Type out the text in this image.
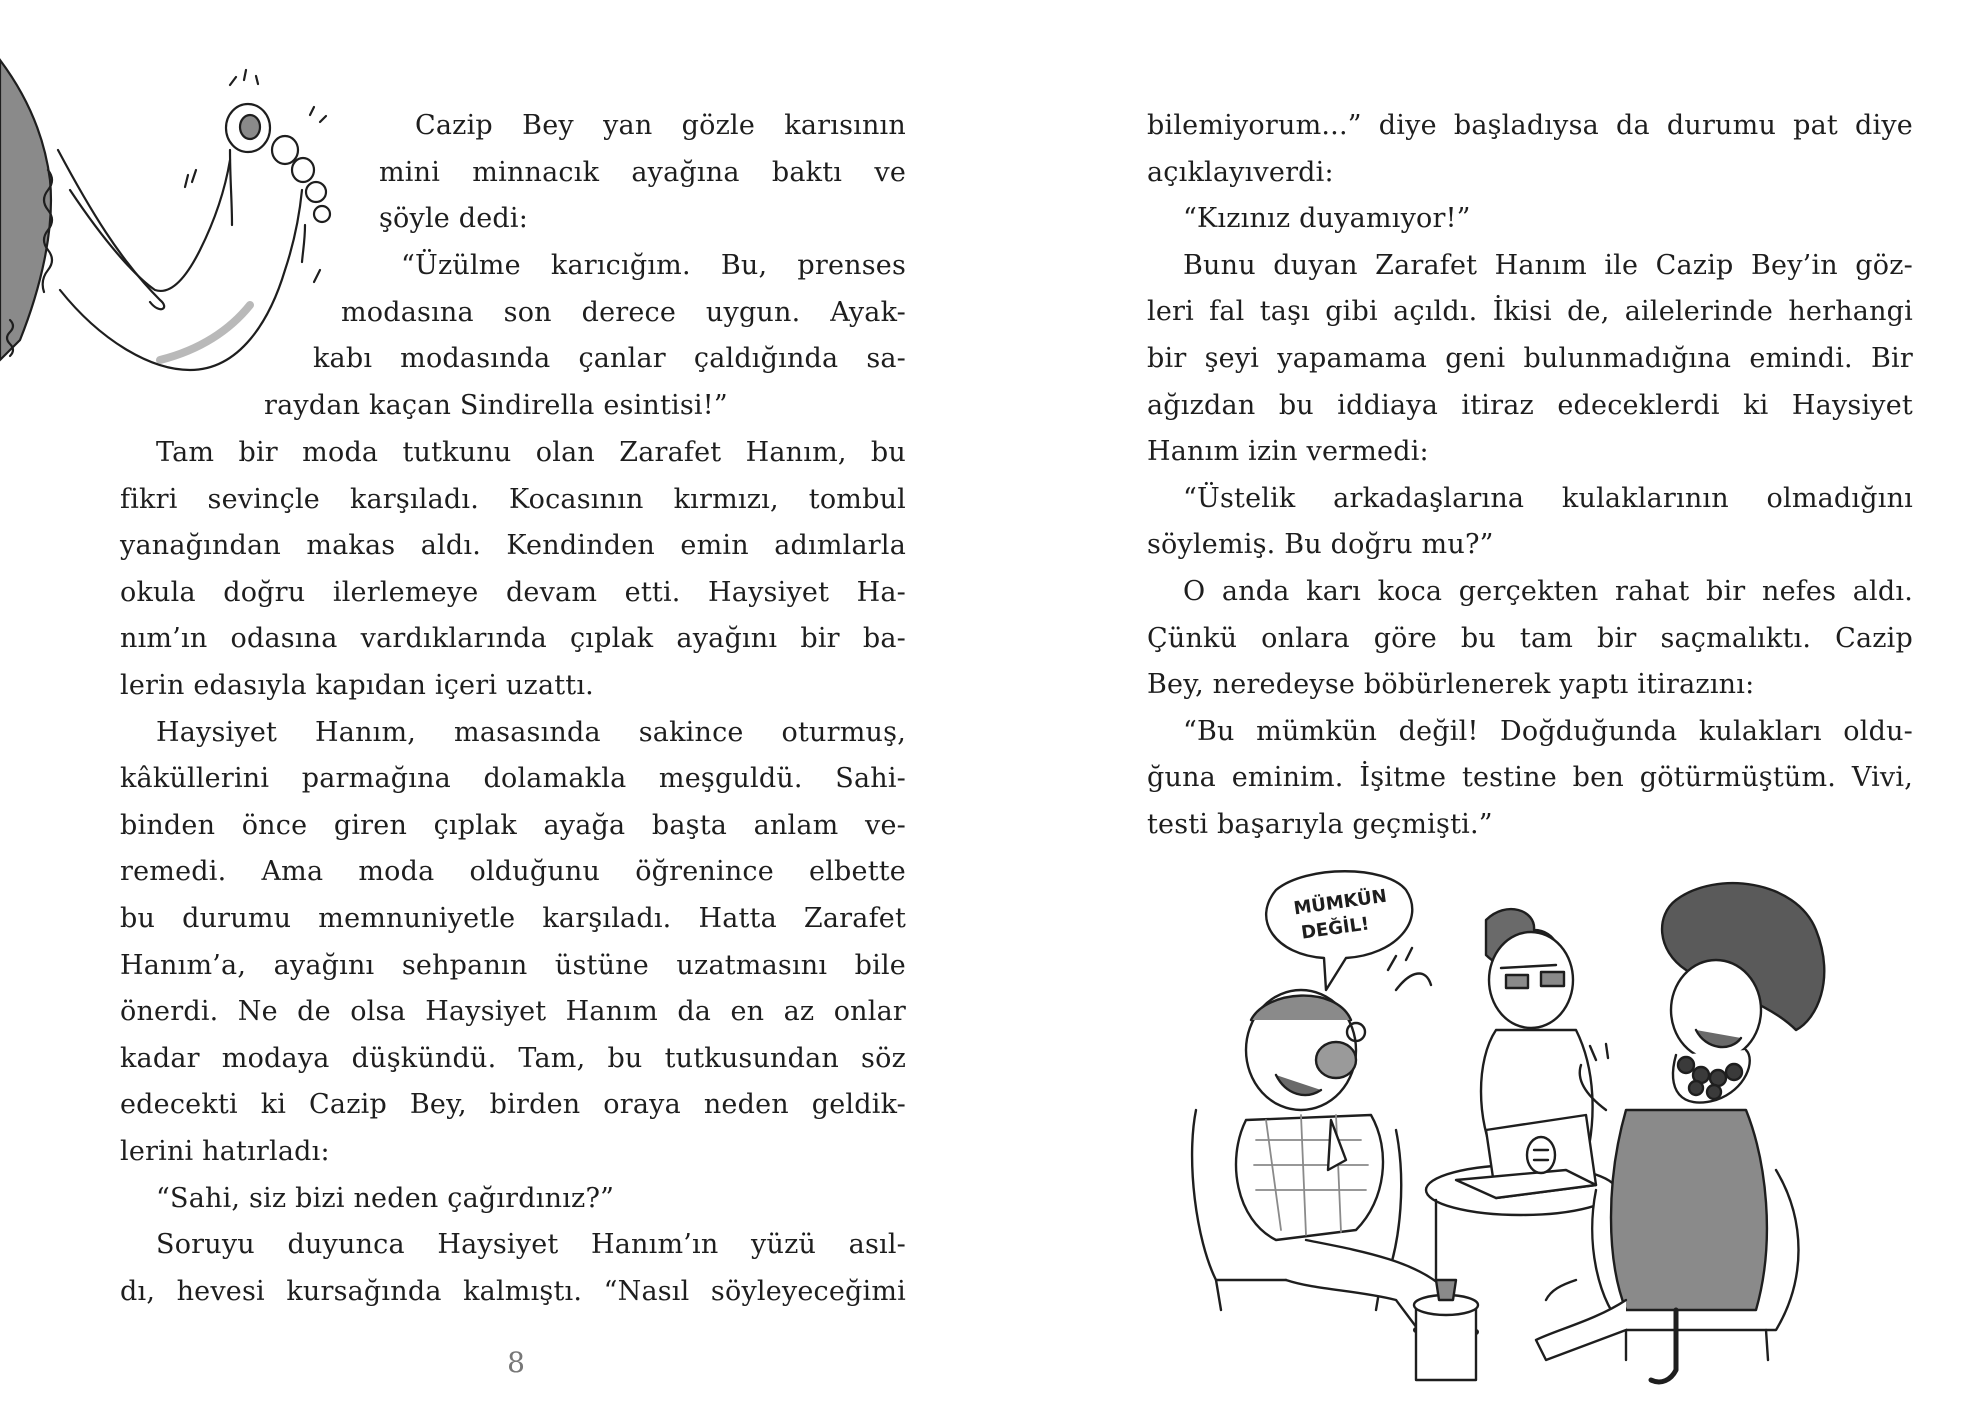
Cazip Bey yan gözle karısının
mini minnacık ayağına baktı ve
şöyle dedi:
“Üzülme karıcığım. Bu, prenses
modasına son derece uygun. Ayak-
kabı modasında çanlar çaldığında sa-
raydan kaçan Sindirella esintisi!”
Tam bir moda tutkunu olan Zarafet Hanım, bu
fikri sevinçle karşıladı. Kocasının kırmızı, tombul
yanağından makas aldı. Kendinden emin adımlarla
okula doğru ilerlemeye devam etti. Haysiyet Ha-
nım’ın odasına vardıklarında çıplak ayağını bir ba-
lerin edasıyla kapıdan içeri uzattı.
Haysiyet Hanım, masasında sakince oturmuş,
kâküllerini parmağına dolamakla meşguldü. Sahi-
binden önce giren çıplak ayağa başta anlam ve-
remedi. Ama moda olduğunu öğrenince elbette
bu durumu memnuniyetle karşıladı. Hatta Zarafet
Hanım’a, ayağını sehpanın üstüne uzatmasını bile
önerdi. Ne de olsa Haysiyet Hanım da en az onlar
kadar modaya düşkündü. Tam, bu tutkusundan söz
edecekti ki Cazip Bey, birden oraya neden geldik-
lerini hatırladı:
“Sahi, siz bizi neden çağırdınız?”
Soruyu duyunca Haysiyet Hanım’ın yüzü asıl-
dı, hevesi kursağında kalmıştı. “Nasıl söyleyeceğimi
8
bilemiyorum...” diye başladıysa da durumu pat diye
açıklayıverdi:
“Kızınız duyamıyor!”
Bunu duyan Zarafet Hanım ile Cazip Bey’in göz-
leri fal taşı gibi açıldı. İkisi de, ailelerinde herhangi
bir şeyi yapamama geni bulunmadığına emindi. Bir
ağızdan bu iddiaya itiraz edeceklerdi ki Haysiyet
Hanım izin vermedi:
“Üstelik arkadaşlarına kulaklarının olmadığını
söylemiş. Bu doğru mu?”
O anda karı koca gerçekten rahat bir nefes aldı.
Çünkü onlara göre bu tam bir saçmalıktı. Cazip
Bey, neredeyse böbürlenerek yaptı itirazını:
“Bu mümkün değil! Doğduğunda kulakları oldu-
ğuna eminim. İşitme testine ben götürmüştüm. Vivi,
testi başarıyla geçmişti.”
MÜMKÜN
DEĞİL!
